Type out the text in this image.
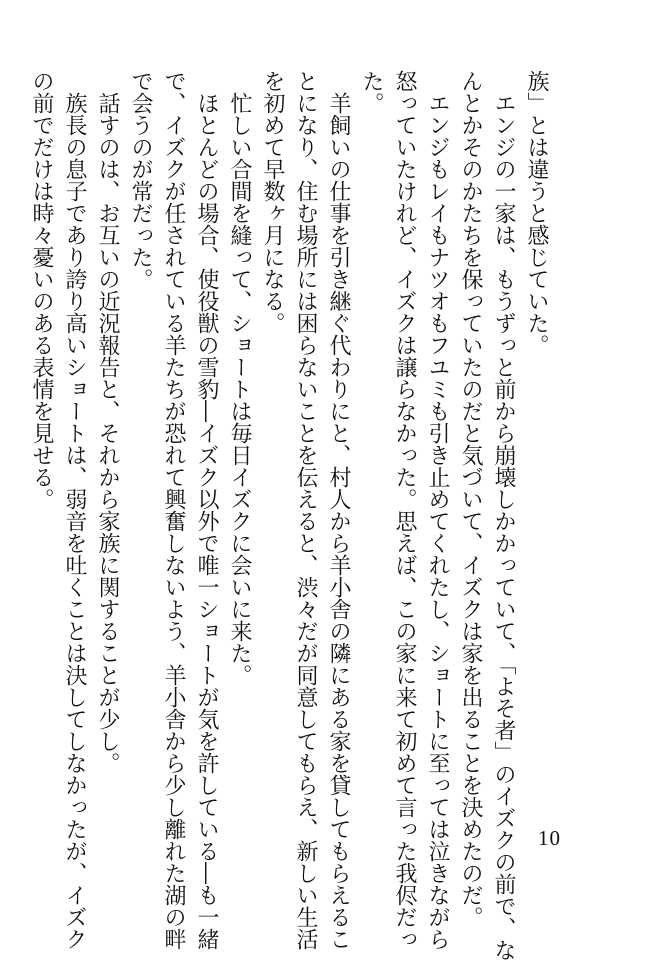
族」とは違うと感じていた。
　エンジの一家は、もうずっと前から崩壊しかかっていて、「よそ者」のイズクの前で、な
んとかそのかたちを保っていたのだと気づいて、イズクは家を出ることを決めたのだ。
　エンジもレイもナツオもフユミも引き止めてくれたし、ショートに至っては泣きながら
怒っていたけれど、イズクは譲らなかった。思えば、この家に来て初めて言った我侭だっ
た。
　羊飼いの仕事を引き継ぐ代わりにと、村人から羊小舎の隣にある家を貸してもらえるこ
とになり、住む場所には困らないことを伝えると、渋々だが同意してもらえ、新しい生活
を初めて早数ヶ月になる。
　忙しい合間を縫って、ショートは毎日イズクに会いに来た。
　ほとんどの場合、使役獣の雪豹―イズク以外で唯一ショートが気を許している―も一緒
で、イズクが任されている羊たちが恐れて興奮しないよう、羊小舎から少し離れた湖の畔
で会うのが常だった。
　話すのは、お互いの近況報告と、それから家族に関することが少し。
　族長の息子であり誇り高いショートは、弱音を吐くことは決してしなかったが、イズク
の前でだけは時々憂いのある表情を見せる。
10
